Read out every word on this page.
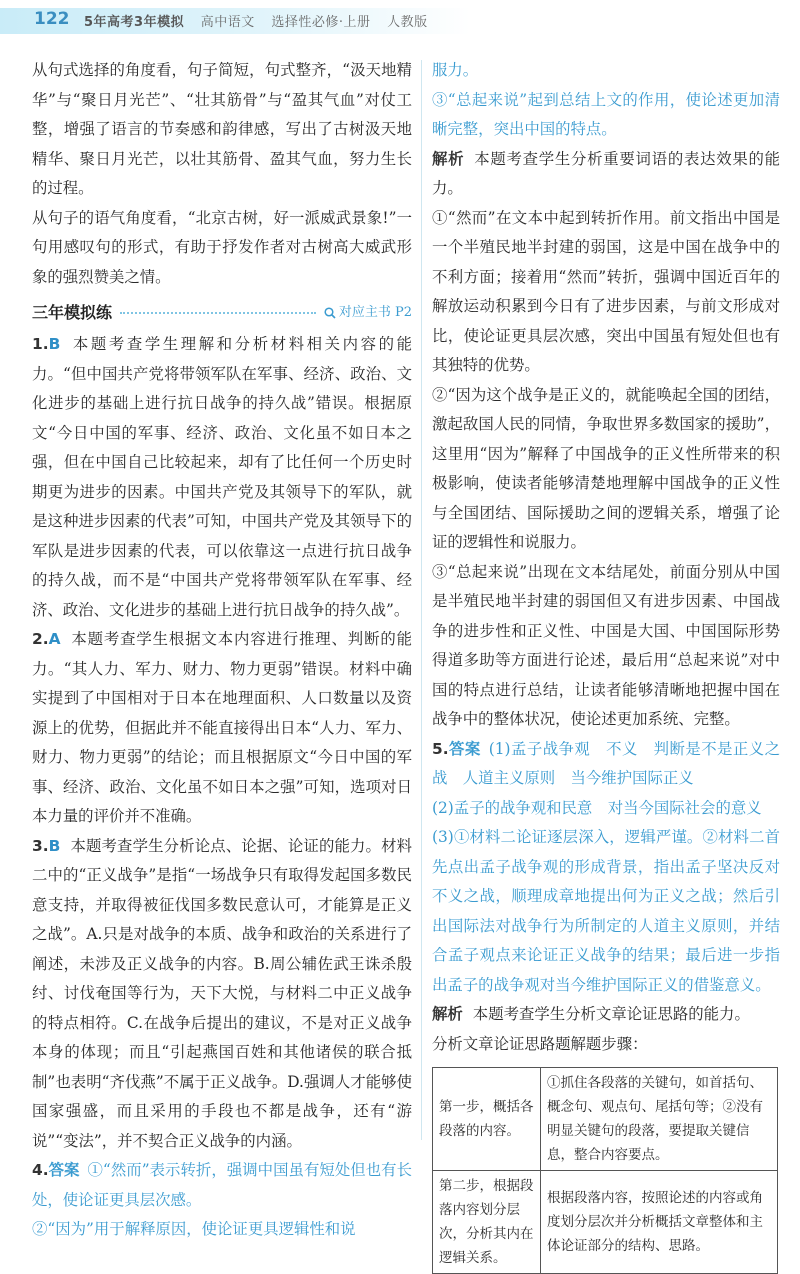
122 5年高考3年模拟 高中语文 选择性必修·上册 人教版

从句式选择的角度看，句子简短，句式整齐，“汲天地精华”与“聚日月光芒”、“壮其筋骨”与“盈其气血”对仗工整，增强了语言的节奏感和韵律感，写出了古树汲天地精华、聚日月光芒，以壮其筋骨、盈其气血，努力生长的过程。

从句子的语气角度看，“北京古树，好一派威武景象!”一句用感叹句的形式，有助于抒发作者对古树高大威武形象的强烈赞美之情。

三年模拟练	对应主书 P2

1.B 本题考查学生理解和分析材料相关内容的能力。“但中国共产党将带领军队在军事、经济、政治、文化进步的基础上进行抗日战争的持久战”错误。根据原文“今日中国的军事、经济、政治、文化虽不如日本之强，但在中国自己比较起来，却有了比任何一个历史时期更为进步的因素。中国共产党及其领导下的军队，就是这种进步因素的代表”可知，中国共产党及其领导下的军队是进步因素的代表，可以依靠这一点进行抗日战争的持久战，而不是“中国共产党将带领军队在军事、经济、政治、文化进步的基础上进行抗日战争的持久战”。

2.A 本题考查学生根据文本内容进行推理、判断的能力。“其人力、军力、财力、物力更弱”错误。材料中确实提到了中国相对于日本在地理面积、人口数量以及资源上的优势，但据此并不能直接得出日本“人力、军力、财力、物力更弱”的结论；而且根据原文“今日中国的军事、经济、政治、文化虽不如日本之强”可知，选项对日本力量的评价并不准确。

3.B 本题考查学生分析论点、论据、论证的能力。材料二中的“正义战争”是指“一场战争只有取得发起国多数民意支持，并取得被征伐国多数民意认可，才能算是正义之战”。A.只是对战争的本质、战争和政治的关系进行了阐述，未涉及正义战争的内容。B.周公辅佐武王诛杀殷纣、讨伐奄国等行为，天下大悦，与材料二中正义战争的特点相符。C.在战争后提出的建议，不是对正义战争本身的体现；而且“引起燕国百姓和其他诸侯的联合抵制”也表明“齐伐燕”不属于正义战争。D.强调人才能够使国家强盛，而且采用的手段也不都是战争，还有“游说”“变法”，并不契合正义战争的内涵。

4.答案 ①“然而”表示转折，强调中国虽有短处但也有长处，使论证更具层次感。

②“因为”用于解释原因，使论证更具逻辑性和说

服力。

③“总起来说”起到总结上文的作用，使论述更加清晰完整，突出中国的特点。

解析 本题考查学生分析重要词语的表达效果的能力。

①“然而”在文本中起到转折作用。前文指出中国是一个半殖民地半封建的弱国，这是中国在战争中的不利方面；接着用“然而”转折，强调中国近百年的解放运动积累到今日有了进步因素，与前文形成对比，使论证更具层次感，突出中国虽有短处但也有其独特的优势。

②“因为这个战争是正义的，就能唤起全国的团结，激起敌国人民的同情，争取世界多数国家的援助”，这里用“因为”解释了中国战争的正义性所带来的积极影响，使读者能够清楚地理解中国战争的正义性与全国团结、国际援助之间的逻辑关系，增强了论证的逻辑性和说服力。

③“总起来说”出现在文本结尾处，前面分别从中国是半殖民地半封建的弱国但又有进步因素、中国战争的进步性和正义性、中国是大国、中国国际形势得道多助等方面进行论述，最后用“总起来说”对中国的特点进行总结，让读者能够清晰地把握中国在战争中的整体状况，使论述更加系统、完整。

5.答案 (1)孟子战争观　不义　判断是不是正义之战　人道主义原则　当今维护国际正义

(2)孟子的战争观和民意　对当今国际社会的意义

(3)①材料二论证逐层深入，逻辑严谨。②材料二首先点出孟子战争观的形成背景，指出孟子坚决反对不义之战，顺理成章地提出何为正义之战；然后引出国际法对战争行为所制定的人道主义原则，并结合孟子观点来论证正义战争的结果；最后进一步指出孟子的战争观对当今维护国际正义的借鉴意义。

解析 本题考查学生分析文章论证思路的能力。

分析文章论证思路题解题步骤：

第一步，概括各段落的内容。	①抓住各段落的关键句，如首括句、概念句、观点句、尾括句等；②没有明显关键句的段落，要提取关键信息，整合内容要点。
第二步，根据段落内容划分层次，分析其内在逻辑关系。	根据段落内容，按照论述的内容或角度划分层次并分析概括文章整体和主体论证部分的结构、思路。
